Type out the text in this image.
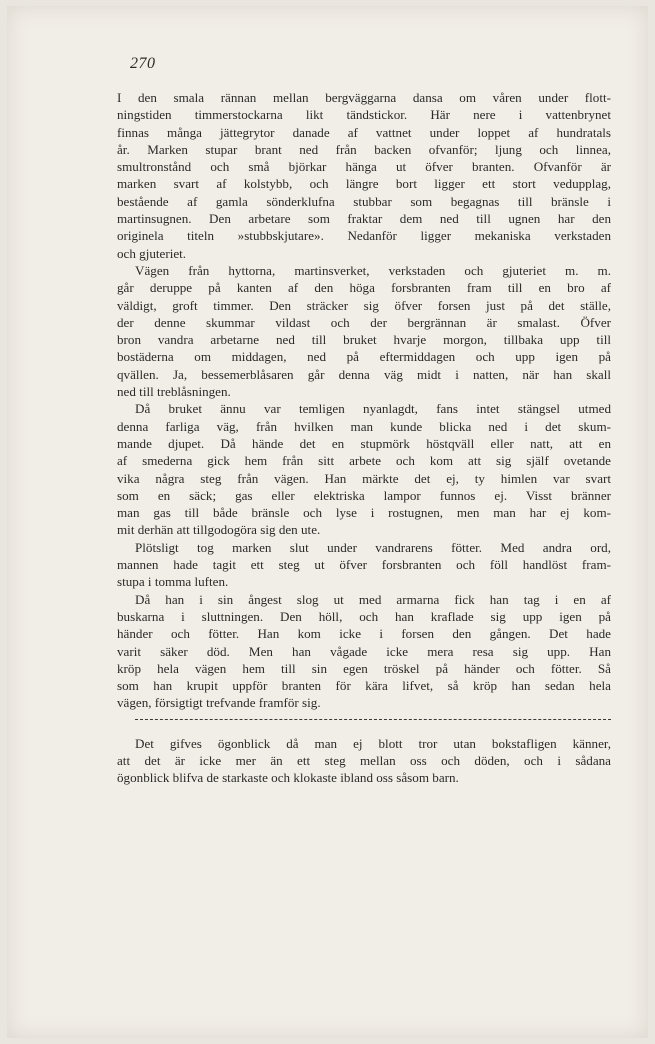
270
I den smala rännan mellan bergväggarna dansa om våren under flott-
ningstiden timmerstockarna likt tändstickor. Här nere i vattenbrynet
finnas många jättegrytor danade af vattnet under loppet af hundratals
år. Marken stupar brant ned från backen ofvanför; ljung och linnea,
smultronstånd och små björkar hänga ut öfver branten. Ofvanför är
marken svart af kolstybb, och längre bort ligger ett stort vedupplag,
bestående af gamla sönderklufna stubbar som begagnas till bränsle i
martinsugnen. Den arbetare som fraktar dem ned till ugnen har den
originela titeln »stubbskjutare». Nedanför ligger mekaniska verkstaden
och gjuteriet.
Vägen från hyttorna, martinsverket, verkstaden och gjuteriet m. m.
går deruppe på kanten af den höga forsbranten fram till en bro af
väldigt, groft timmer. Den sträcker sig öfver forsen just på det ställe,
der denne skummar vildast och der bergrännan är smalast. Öfver
bron vandra arbetarne ned till bruket hvarje morgon, tillbaka upp till
bostäderna om middagen, ned på eftermiddagen och upp igen på
qvällen. Ja, bessemerblåsaren går denna väg midt i natten, när han skall
ned till treblåsningen.
Då bruket ännu var temligen nyanlagdt, fans intet stängsel utmed
denna farliga väg, från hvilken man kunde blicka ned i det skum-
mande djupet. Då hände det en stupmörk höstqväll eller natt, att en
af smederna gick hem från sitt arbete och kom att sig själf ovetande
vika några steg från vägen. Han märkte det ej, ty himlen var svart
som en säck; gas eller elektriska lampor funnos ej. Visst bränner
man gas till både bränsle och lyse i rostugnen, men man har ej kom-
mit derhän att tillgodogöra sig den ute.
Plötsligt tog marken slut under vandrarens fötter. Med andra ord,
mannen hade tagit ett steg ut öfver forsbranten och föll handlöst fram-
stupa i tomma luften.
Då han i sin ångest slog ut med armarna fick han tag i en af
buskarna i sluttningen. Den höll, och han kraflade sig upp igen på
händer och fötter. Han kom icke i forsen den gången. Det hade
varit säker död. Men han vågade icke mera resa sig upp. Han
kröp hela vägen hem till sin egen tröskel på händer och fötter. Så
som han krupit uppför branten för kära lifvet, så kröp han sedan hela
vägen, försigtigt trefvande framför sig.
Det gifves ögonblick då man ej blott tror utan bokstafligen känner,
att det är icke mer än ett steg mellan oss och döden, och i sådana
ögonblick blifva de starkaste och klokaste ibland oss såsom barn.
